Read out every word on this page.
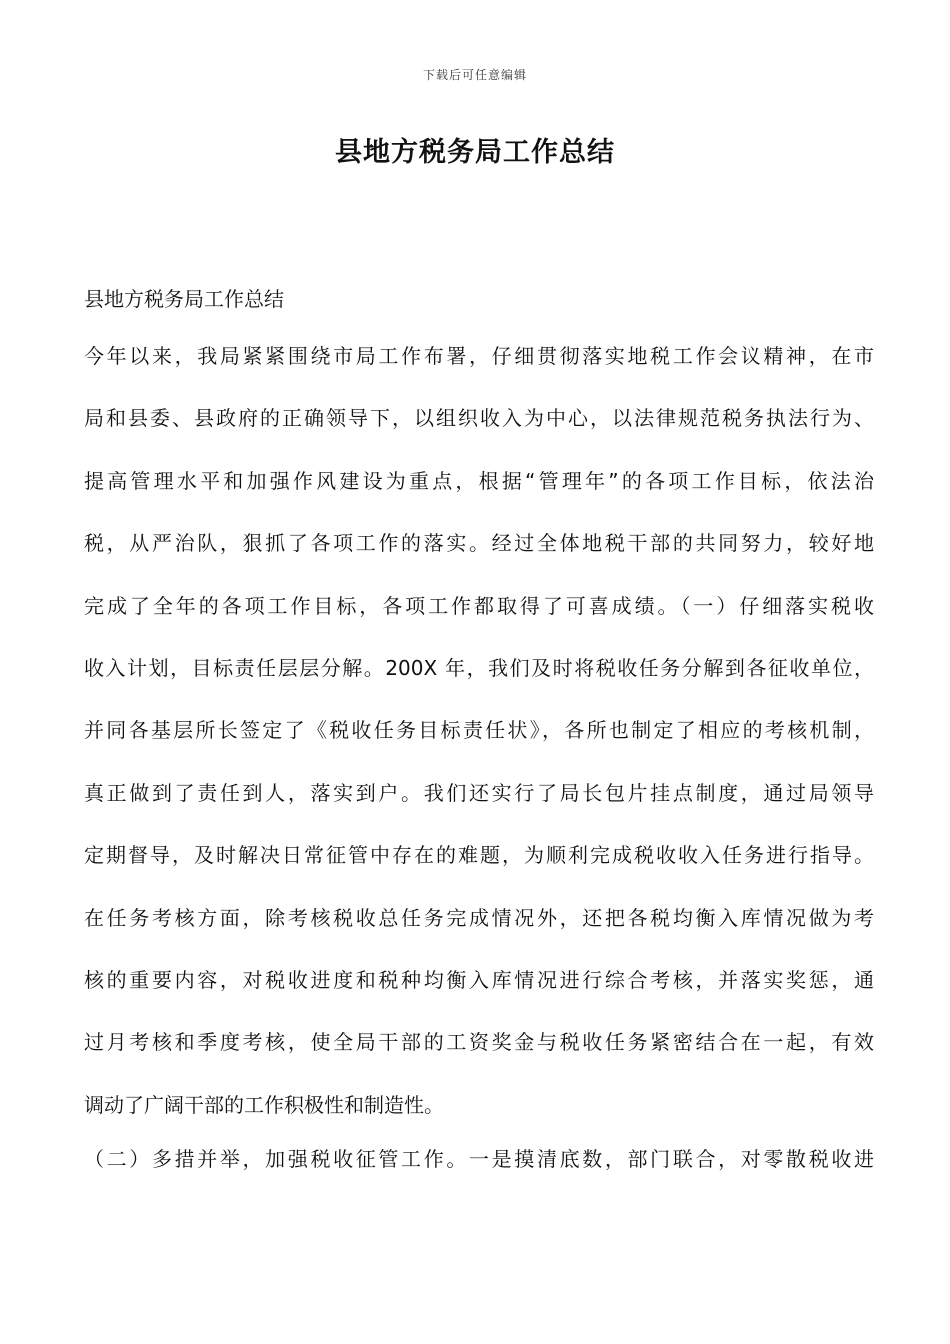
下载后可任意编辑
县地方税务局工作总结
县地方税务局工作总结
今年以来，我局紧紧围绕市局工作布署，仔细贯彻落实地税工作会议精神，在市
局和县委、县政府的正确领导下，以组织收入为中心，以法律规范税务执法行为、
提高管理水平和加强作风建设为重点，根据“管理年”的各项工作目标，依法治
税，从严治队，狠抓了各项工作的落实。经过全体地税干部的共同努力，较好地
完成了全年的各项工作目标，各项工作都取得了可喜成绩。（一）仔细落实税收
收入计划，目标责任层层分解。200X 年，我们及时将税收任务分解到各征收单位，
并同各基层所长签定了《税收任务目标责任状》，各所也制定了相应的考核机制，
真正做到了责任到人，落实到户。我们还实行了局长包片挂点制度，通过局领导
定期督导，及时解决日常征管中存在的难题，为顺利完成税收收入任务进行指导。
在任务考核方面，除考核税收总任务完成情况外，还把各税均衡入库情况做为考
核的重要内容，对税收进度和税种均衡入库情况进行综合考核，并落实奖惩，通
过月考核和季度考核，使全局干部的工资奖金与税收任务紧密结合在一起，有效
调动了广阔干部的工作积极性和制造性。
（二）多措并举，加强税收征管工作。一是摸清底数，部门联合，对零散税收进
